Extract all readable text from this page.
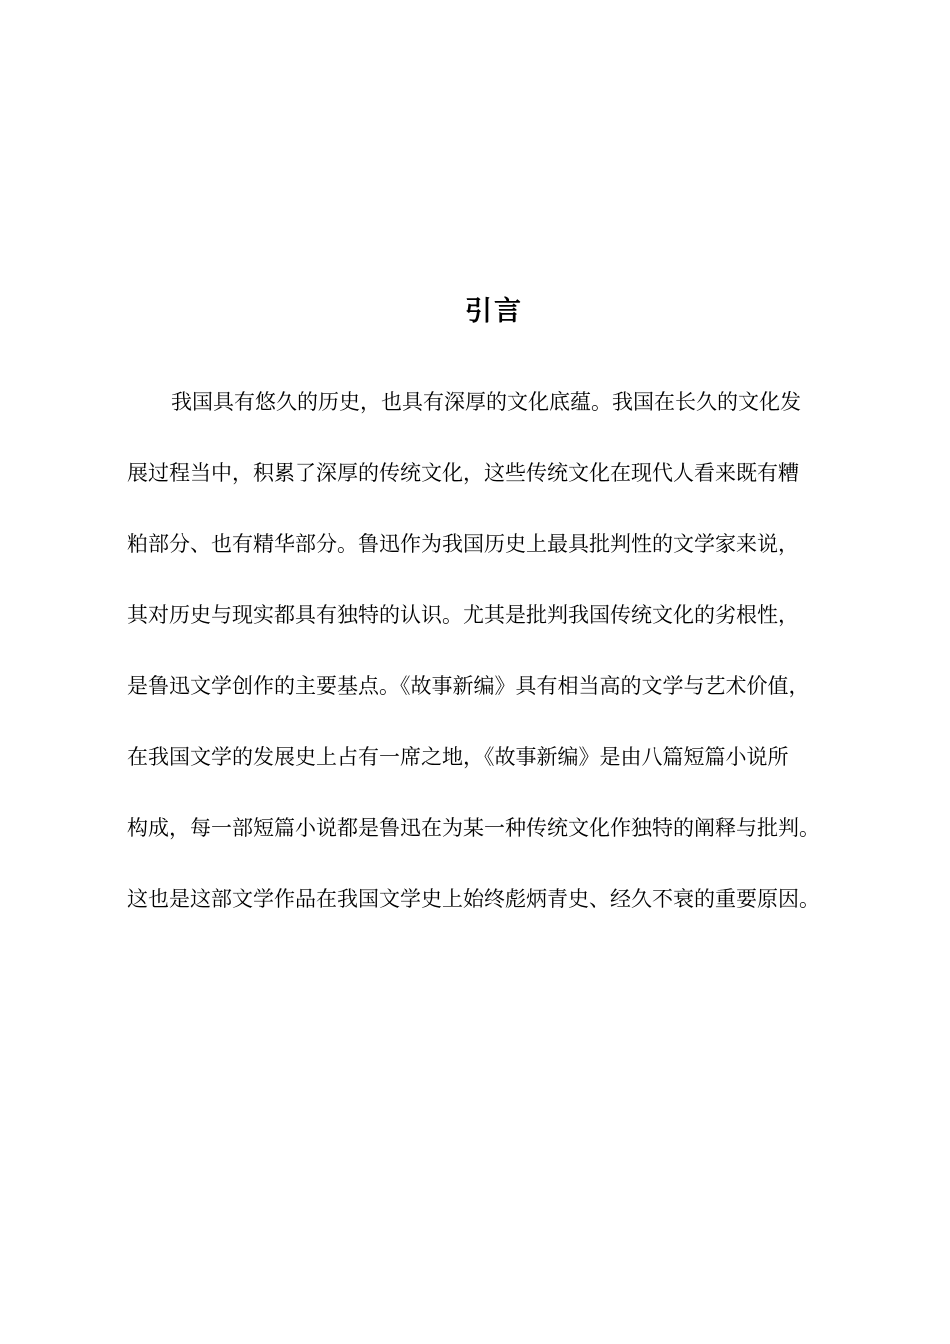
引言
我国具有悠久的历史，也具有深厚的文化底蕴。我国在长久的文化发
展过程当中，积累了深厚的传统文化，这些传统文化在现代人看来既有糟
粕部分、也有精华部分。鲁迅作为我国历史上最具批判性的文学家来说，
其对历史与现实都具有独特的认识。尤其是批判我国传统文化的劣根性，
是鲁迅文学创作的主要基点。《故事新编》具有相当高的文学与艺术价值，
在我国文学的发展史上占有一席之地，《故事新编》是由八篇短篇小说所
构成，每一部短篇小说都是鲁迅在为某一种传统文化作独特的阐释与批判。
这也是这部文学作品在我国文学史上始终彪炳青史、经久不衰的重要原因。
